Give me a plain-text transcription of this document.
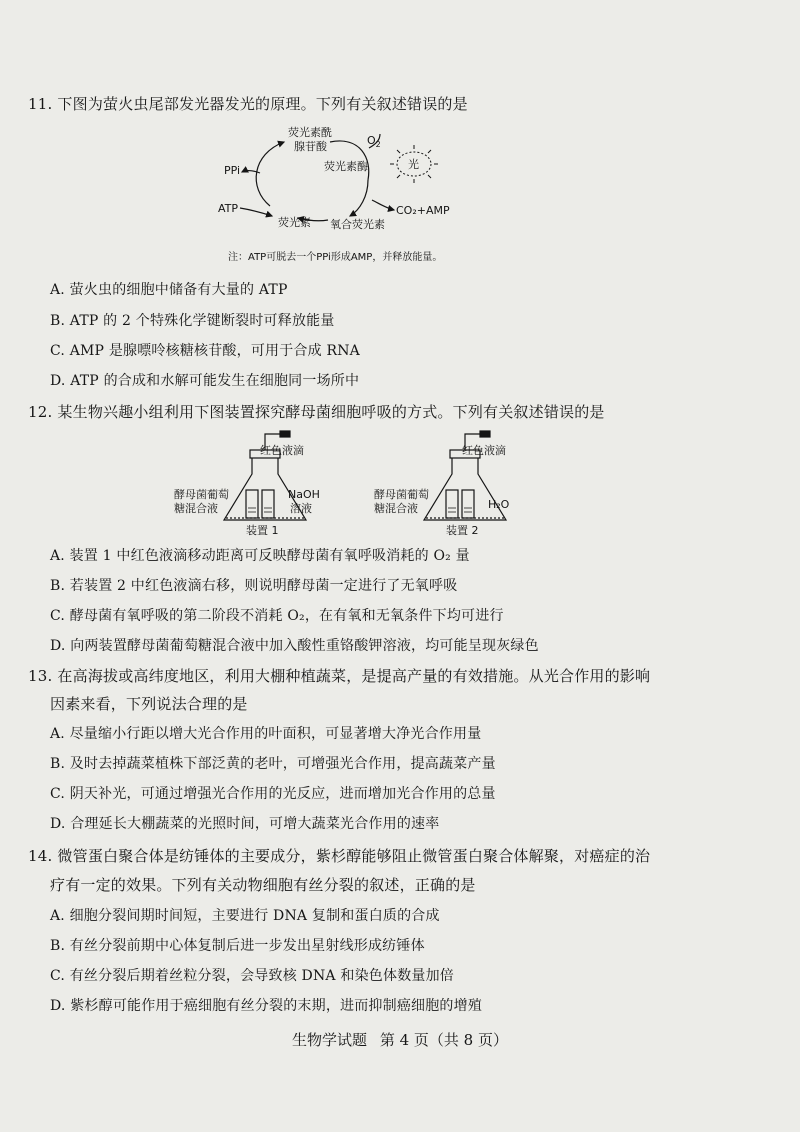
11. 下图为萤火虫尾部发光器发光的原理。下列有关叙述错误的是
荧光素酰
腺苷酸	$O_2$
荧光素酶	光
PPi
ATP
荧光素 氧合荧光素
CO₂+AMP
注：ATP可脱去一个PPi形成AMP，并释放能量。
A. 萤火虫的细胞中储备有大量的 ATP
B. ATP 的 2 个特殊化学键断裂时可释放能量
C. AMP 是腺嘌呤核糖核苷酸，可用于合成 RNA
D. ATP 的合成和水解可能发生在细胞同一场所中
12. 某生物兴趣小组利用下图装置探究酵母菌细胞呼吸的方式。下列有关叙述错误的是
红色液滴
酵母菌葡萄
糖混合液
NaOH
溶液
装置 1
红色液滴
酵母菌葡萄
糖混合液	H₂O
装置 2
A. 装置 1 中红色液滴移动距离可反映酵母菌有氧呼吸消耗的 O₂ 量
B. 若装置 2 中红色液滴右移，则说明酵母菌一定进行了无氧呼吸
C. 酵母菌有氧呼吸的第二阶段不消耗 O₂，在有氧和无氧条件下均可进行
D. 向两装置酵母菌葡萄糖混合液中加入酸性重铬酸钾溶液，均可能呈现灰绿色
13. 在高海拔或高纬度地区，利用大棚种植蔬菜，是提高产量的有效措施。从光合作用的影响
因素来看，下列说法合理的是
A. 尽量缩小行距以增大光合作用的叶面积，可显著增大净光合作用量
B. 及时去掉蔬菜植株下部泛黄的老叶，可增强光合作用，提高蔬菜产量
C. 阴天补光，可通过增强光合作用的光反应，进而增加光合作用的总量
D. 合理延长大棚蔬菜的光照时间，可增大蔬菜光合作用的速率
14. 微管蛋白聚合体是纺锤体的主要成分，紫杉醇能够阻止微管蛋白聚合体解聚，对癌症的治
疗有一定的效果。下列有关动物细胞有丝分裂的叙述，正确的是
A. 细胞分裂间期时间短，主要进行 DNA 复制和蛋白质的合成
B. 有丝分裂前期中心体复制后进一步发出星射线形成纺锤体
C. 有丝分裂后期着丝粒分裂，会导致核 DNA 和染色体数量加倍
D. 紫杉醇可能作用于癌细胞有丝分裂的末期，进而抑制癌细胞的增殖
生物学试题 第 4 页（共 8 页）
